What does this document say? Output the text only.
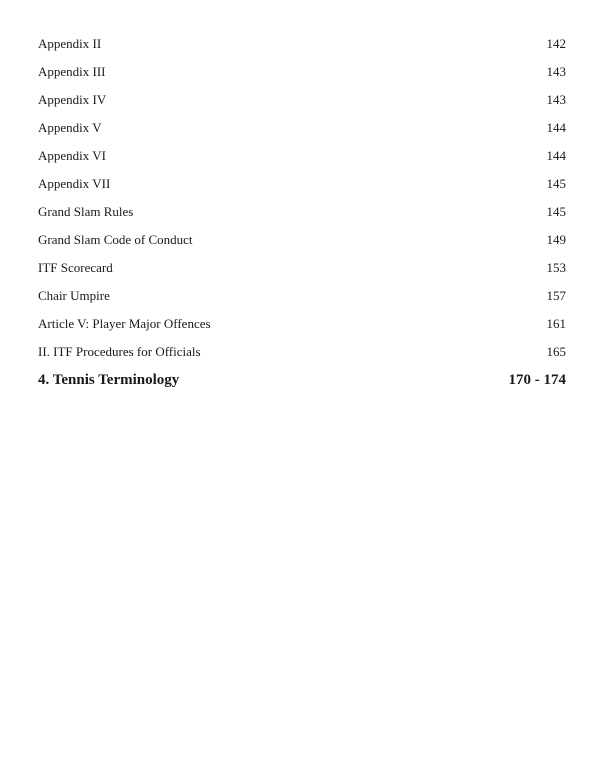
Appendix II	142
Appendix III	143
Appendix IV	143
Appendix V	144
Appendix VI	144
Appendix VII	145
Grand Slam Rules	145
Grand Slam Code of Conduct	149
ITF Scorecard	153
Chair Umpire	157
Article V: Player Major Offences	161
II. ITF Procedures for Officials	165
4. Tennis Terminology	170 - 174
